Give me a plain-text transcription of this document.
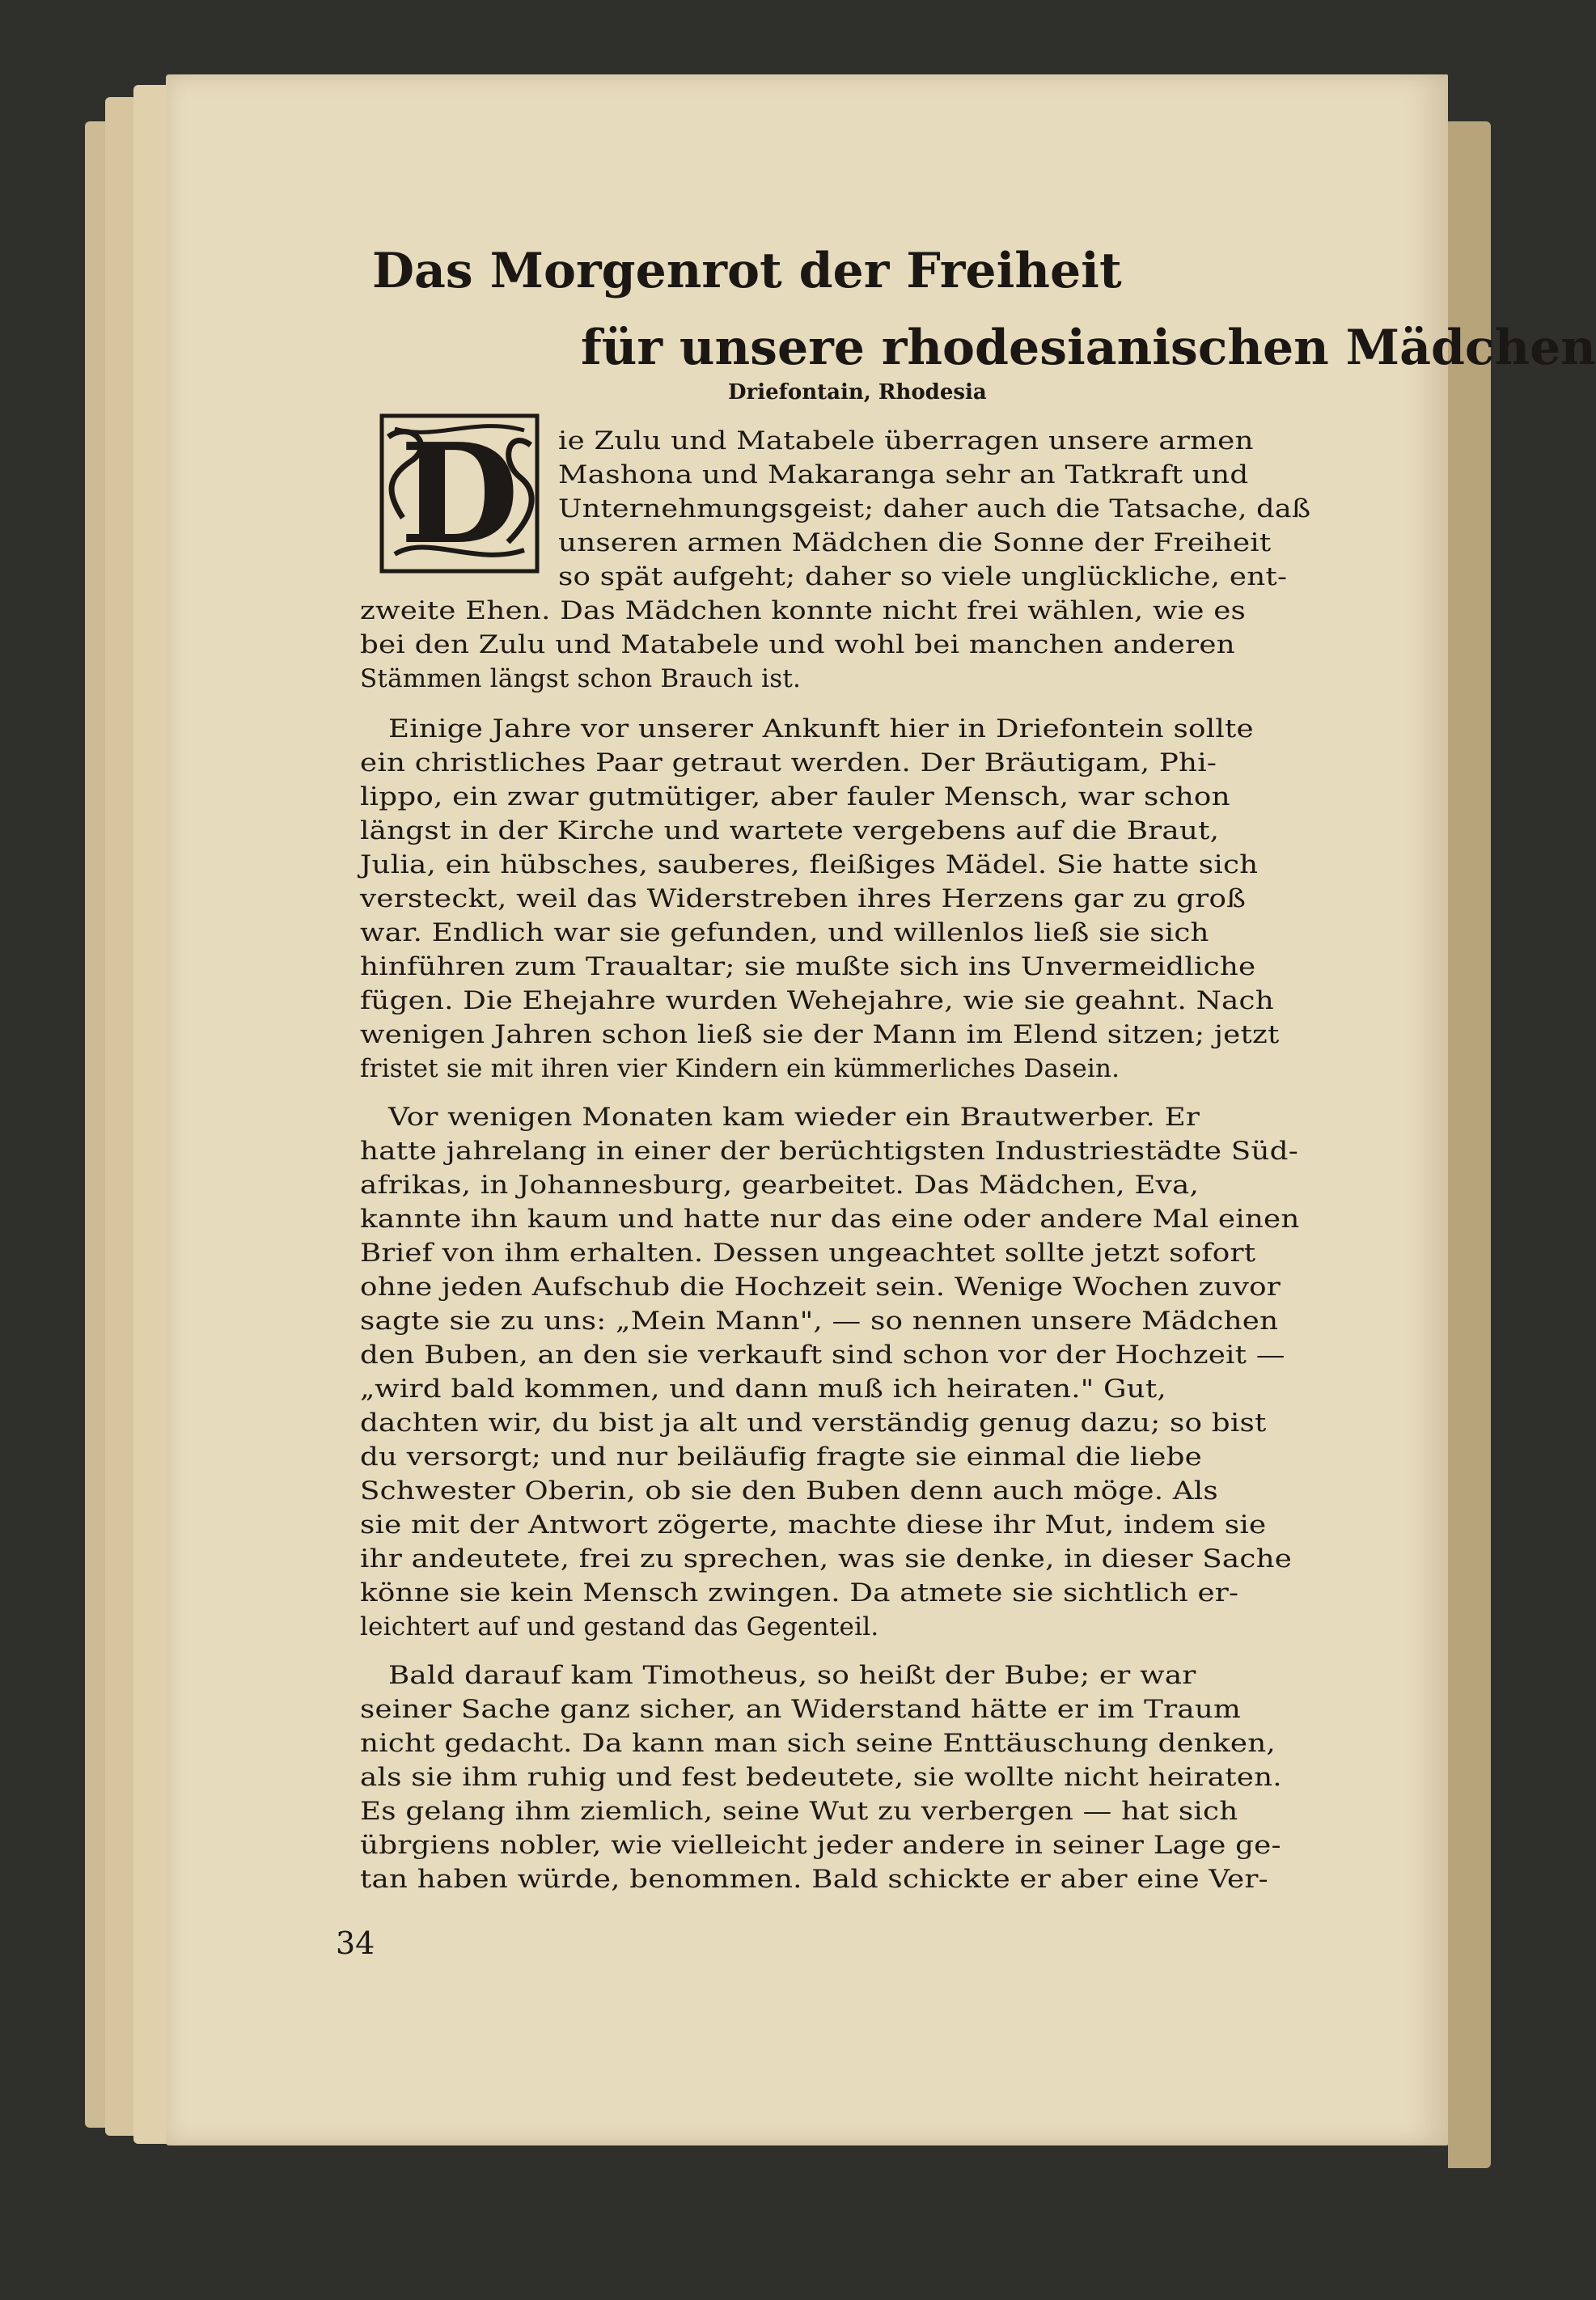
Das Morgenrot der Freiheit
für unsere rhodesianischen Mädchen
Driefontain, Rhodesia
D ie Zulu und Matabele überragen unsere armen
Mashona und Makaranga sehr an Tatkraft und
Unternehmungsgeist; daher auch die Tatsache, daß
unseren armen Mädchen die Sonne der Freiheit
so spät aufgeht; daher so viele unglückliche, ent-
zweite Ehen. Das Mädchen konnte nicht frei wählen, wie es
bei den Zulu und Matabele und wohl bei manchen anderen
Stämmen längst schon Brauch ist.
Einige Jahre vor unserer Ankunft hier in Driefontein sollte
ein christliches Paar getraut werden. Der Bräutigam, Phi-
lippo, ein zwar gutmütiger, aber fauler Mensch, war schon
längst in der Kirche und wartete vergebens auf die Braut,
Julia, ein hübsches, sauberes, fleißiges Mädel. Sie hatte sich
versteckt, weil das Widerstreben ihres Herzens gar zu groß
war. Endlich war sie gefunden, und willenlos ließ sie sich
hinführen zum Traualtar; sie mußte sich ins Unvermeidliche
fügen. Die Ehejahre wurden Wehejahre, wie sie geahnt. Nach
wenigen Jahren schon ließ sie der Mann im Elend sitzen; jetzt
fristet sie mit ihren vier Kindern ein kümmerliches Dasein.
Vor wenigen Monaten kam wieder ein Brautwerber. Er
hatte jahrelang in einer der berüchtigsten Industriestädte Süd-
afrikas, in Johannesburg, gearbeitet. Das Mädchen, Eva,
kannte ihn kaum und hatte nur das eine oder andere Mal einen
Brief von ihm erhalten. Dessen ungeachtet sollte jetzt sofort
ohne jeden Aufschub die Hochzeit sein. Wenige Wochen zuvor
sagte sie zu uns: „Mein Mann", — so nennen unsere Mädchen
den Buben, an den sie verkauft sind schon vor der Hochzeit —
„wird bald kommen, und dann muß ich heiraten." Gut,
dachten wir, du bist ja alt und verständig genug dazu; so bist
du versorgt; und nur beiläufig fragte sie einmal die liebe
Schwester Oberin, ob sie den Buben denn auch möge. Als
sie mit der Antwort zögerte, machte diese ihr Mut, indem sie
ihr andeutete, frei zu sprechen, was sie denke, in dieser Sache
könne sie kein Mensch zwingen. Da atmete sie sichtlich er-
leichtert auf und gestand das Gegenteil.
Bald darauf kam Timotheus, so heißt der Bube; er war
seiner Sache ganz sicher, an Widerstand hätte er im Traum
nicht gedacht. Da kann man sich seine Enttäuschung denken,
als sie ihm ruhig und fest bedeutete, sie wollte nicht heiraten.
Es gelang ihm ziemlich, seine Wut zu verbergen — hat sich
übrgiens nobler, wie vielleicht jeder andere in seiner Lage ge-
tan haben würde, benommen. Bald schickte er aber eine Ver-
34
